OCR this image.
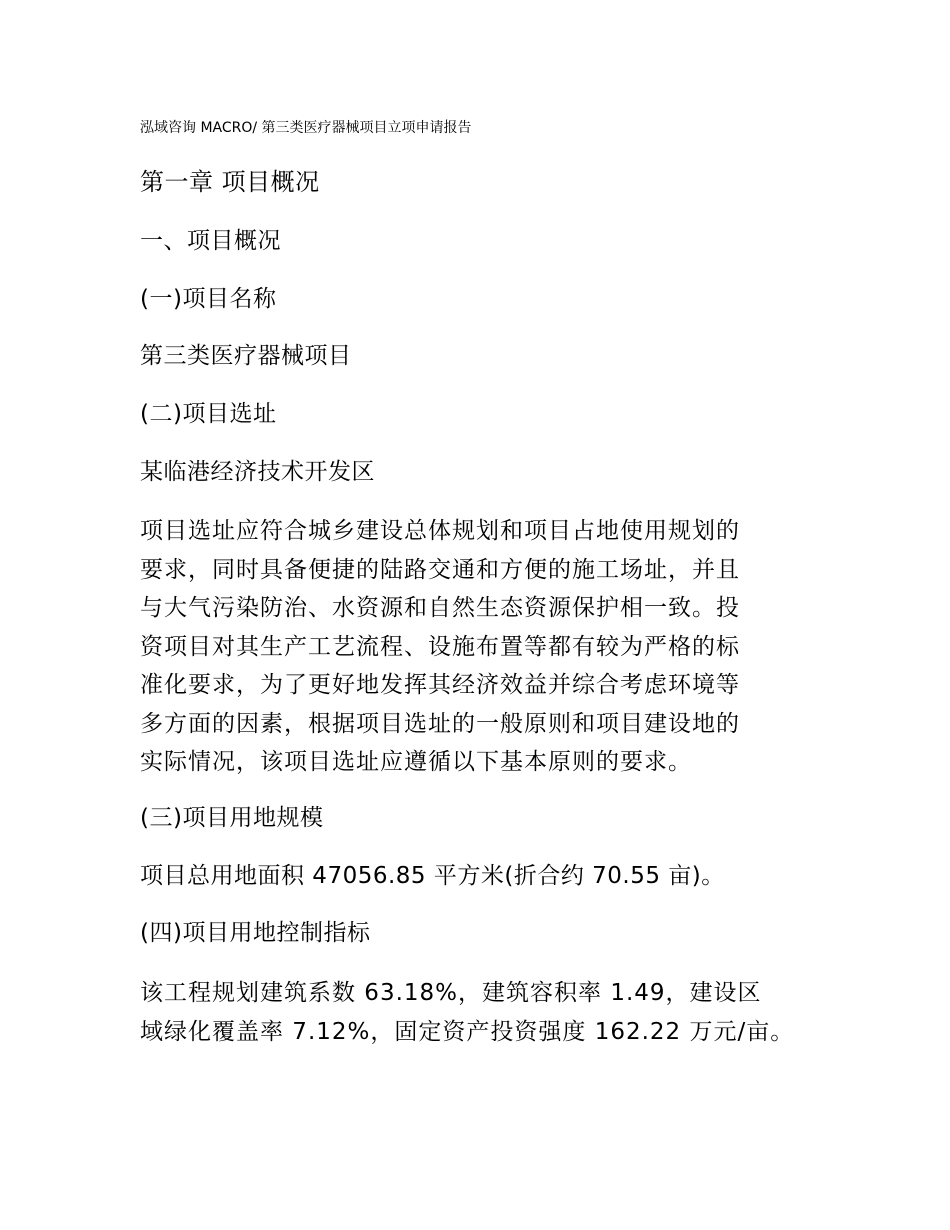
泓域咨询 MACRO/ 第三类医疗器械项目立项申请报告
第一章 项目概况
一、项目概况
(一)项目名称
第三类医疗器械项目
(二)项目选址
某临港经济技术开发区
项目选址应符合城乡建设总体规划和项目占地使用规划的
要求，同时具备便捷的陆路交通和方便的施工场址，并且
与大气污染防治、水资源和自然生态资源保护相一致。投
资项目对其生产工艺流程、设施布置等都有较为严格的标
准化要求，为了更好地发挥其经济效益并综合考虑环境等
多方面的因素，根据项目选址的一般原则和项目建设地的
实际情况，该项目选址应遵循以下基本原则的要求。
(三)项目用地规模
项目总用地面积 47056.85 平方米(折合约 70.55 亩)。
(四)项目用地控制指标
该工程规划建筑系数 63.18%，建筑容积率 1.49，建设区
域绿化覆盖率 7.12%，固定资产投资强度 162.22 万元/亩。
